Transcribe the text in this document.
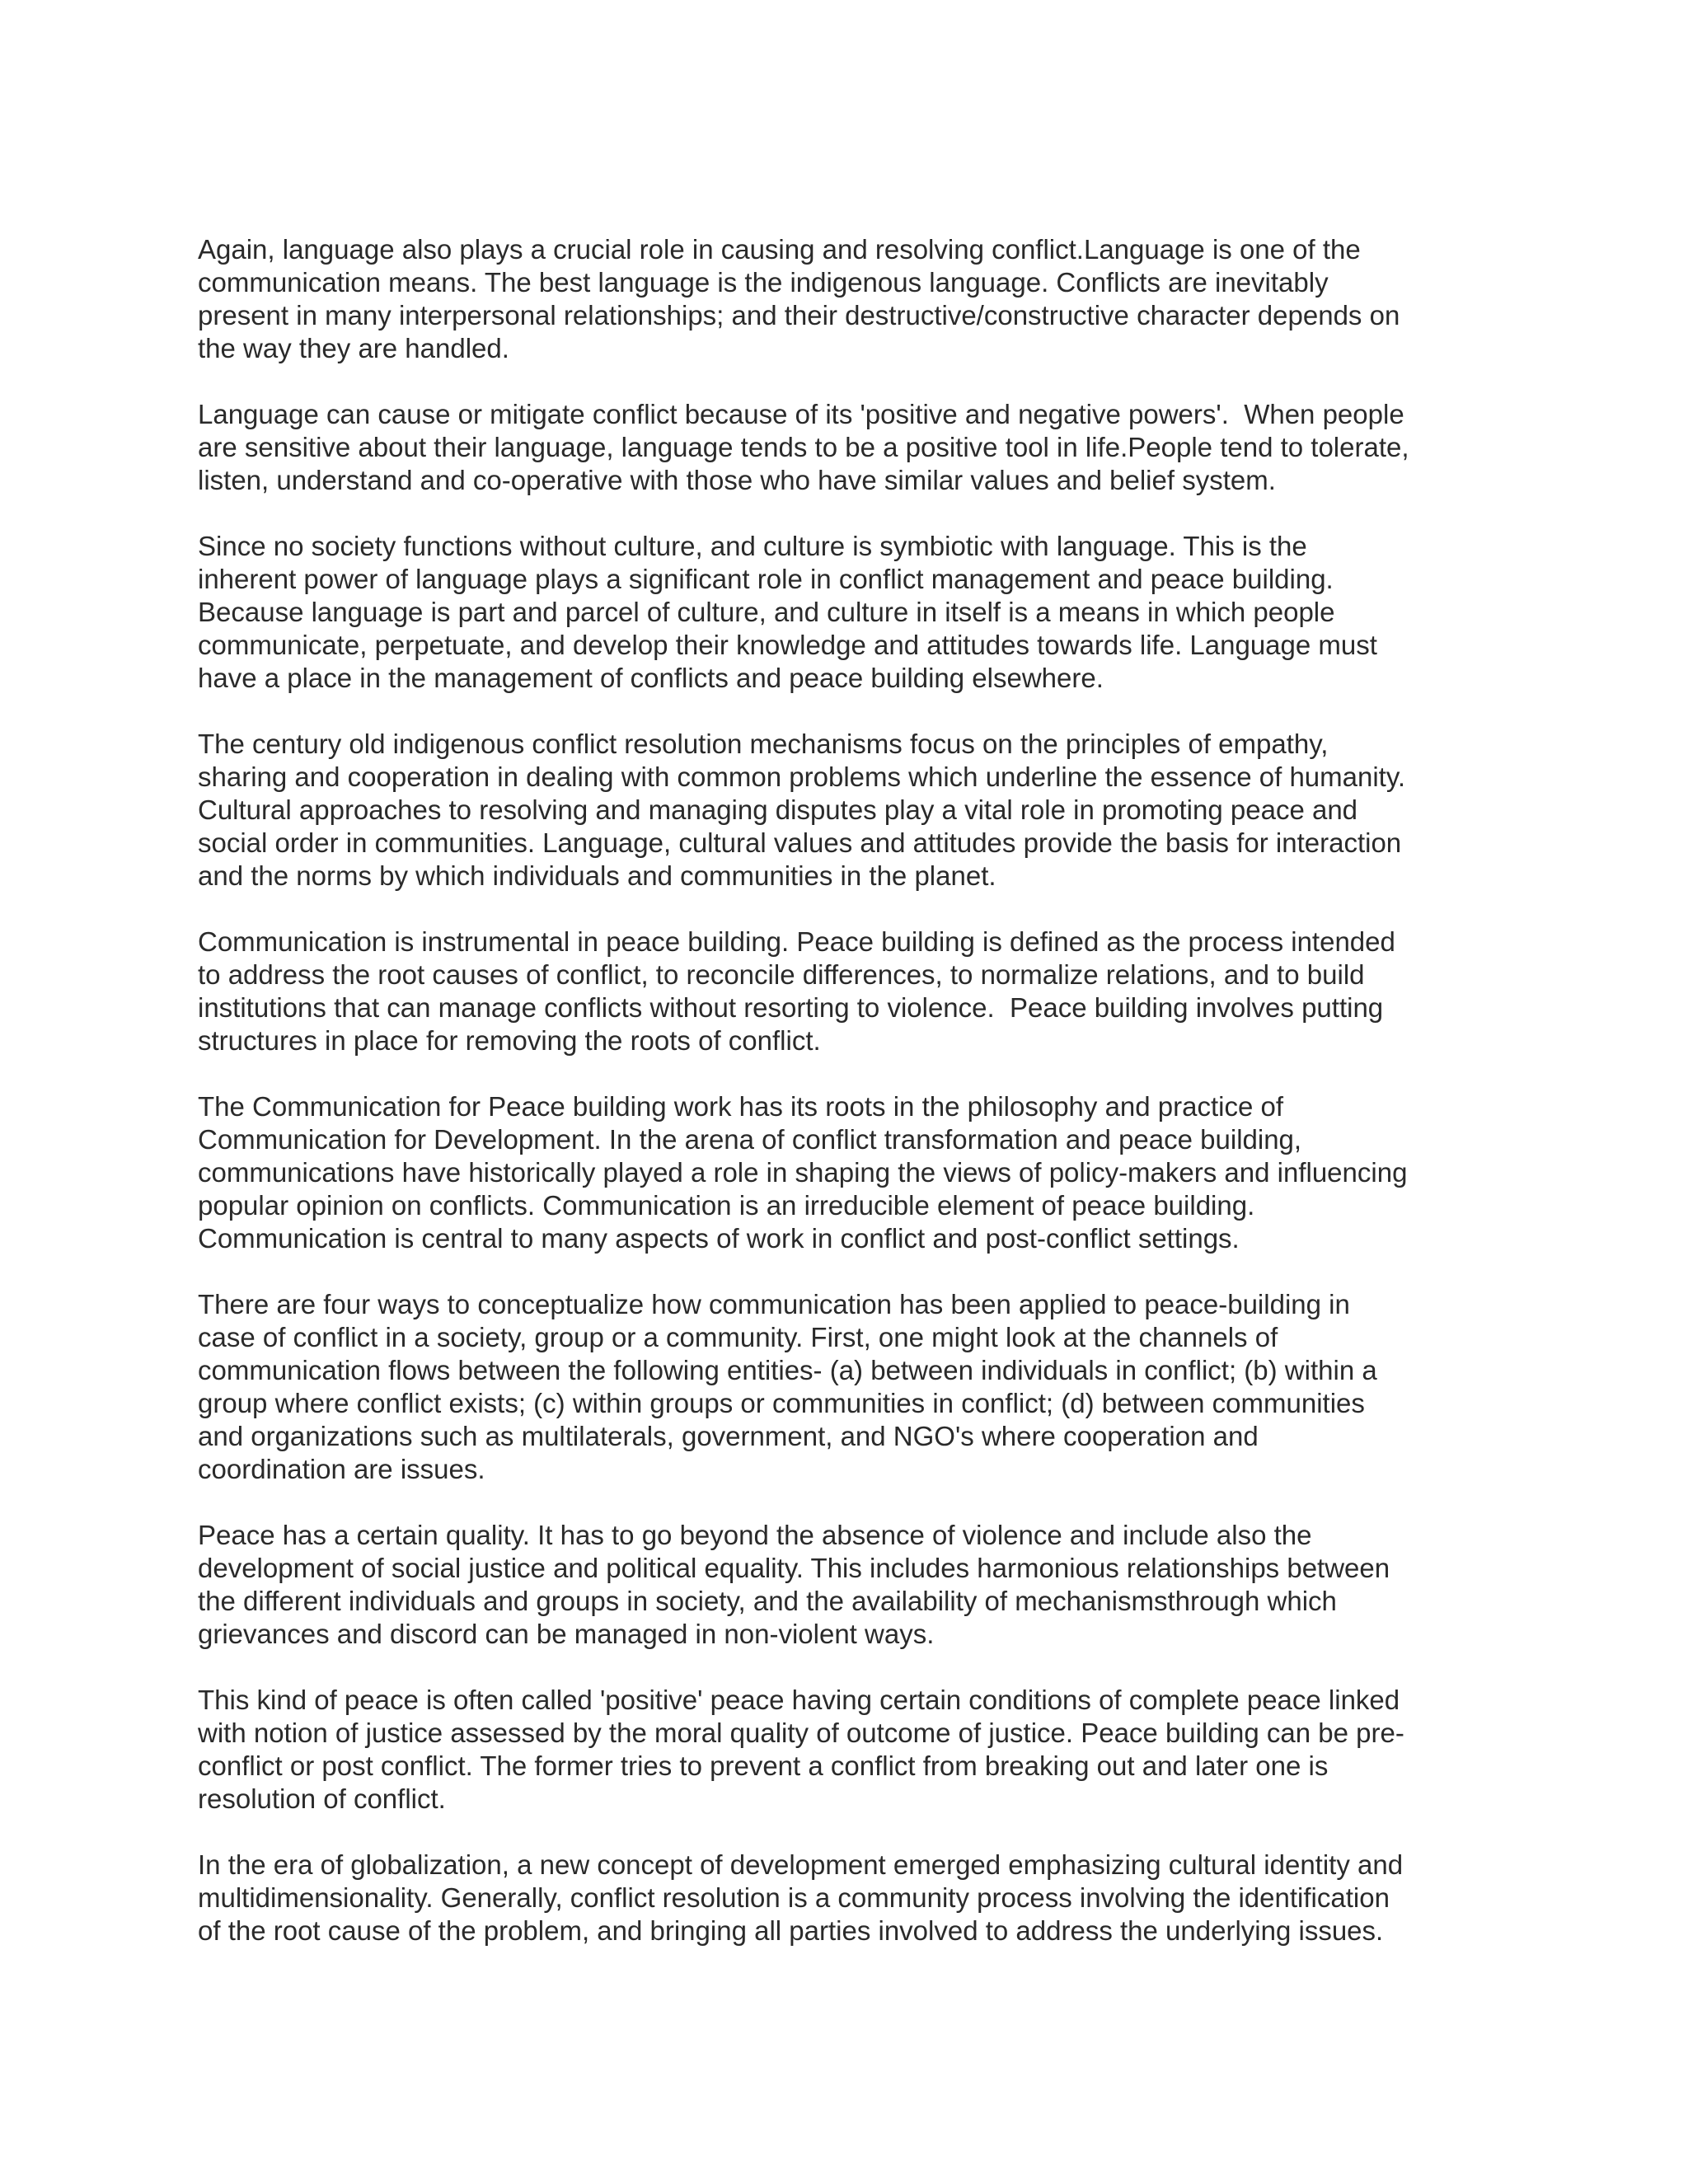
Again, language also plays a crucial role in causing and resolving conflict.Language is one of the
communication means. The best language is the indigenous language. Conflicts are inevitably
present in many interpersonal relationships; and their destructive/constructive character depends on
the way they are handled.

Language can cause or mitigate conflict because of its 'positive and negative powers'.  When people
are sensitive about their language, language tends to be a positive tool in life.People tend to tolerate,
listen, understand and co-operative with those who have similar values and belief system.

Since no society functions without culture, and culture is symbiotic with language. This is the
inherent power of language plays a significant role in conflict management and peace building.
Because language is part and parcel of culture, and culture in itself is a means in which people
communicate, perpetuate, and develop their knowledge and attitudes towards life. Language must
have a place in the management of conflicts and peace building elsewhere.

The century old indigenous conflict resolution mechanisms focus on the principles of empathy,
sharing and cooperation in dealing with common problems which underline the essence of humanity.
Cultural approaches to resolving and managing disputes play a vital role in promoting peace and
social order in communities. Language, cultural values and attitudes provide the basis for interaction
and the norms by which individuals and communities in the planet.

Communication is instrumental in peace building. Peace building is defined as the process intended
to address the root causes of conflict, to reconcile differences, to normalize relations, and to build
institutions that can manage conflicts without resorting to violence.  Peace building involves putting
structures in place for removing the roots of conflict.

The Communication for Peace building work has its roots in the philosophy and practice of
Communication for Development. In the arena of conflict transformation and peace building,
communications have historically played a role in shaping the views of policy-makers and influencing
popular opinion on conflicts. Communication is an irreducible element of peace building.
Communication is central to many aspects of work in conflict and post-conflict settings.

There are four ways to conceptualize how communication has been applied to peace-building in
case of conflict in a society, group or a community. First, one might look at the channels of
communication flows between the following entities- (a) between individuals in conflict; (b) within a
group where conflict exists; (c) within groups or communities in conflict; (d) between communities
and organizations such as multilaterals, government, and NGO's where cooperation and
coordination are issues.

Peace has a certain quality. It has to go beyond the absence of violence and include also the
development of social justice and political equality. This includes harmonious relationships between
the different individuals and groups in society, and the availability of mechanismsthrough which
grievances and discord can be managed in non-violent ways.

This kind of peace is often called 'positive' peace having certain conditions of complete peace linked
with notion of justice assessed by the moral quality of outcome of justice. Peace building can be pre-
conflict or post conflict. The former tries to prevent a conflict from breaking out and later one is
resolution of conflict.

In the era of globalization, a new concept of development emerged emphasizing cultural identity and
multidimensionality. Generally, conflict resolution is a community process involving the identification
of the root cause of the problem, and bringing all parties involved to address the underlying issues.
